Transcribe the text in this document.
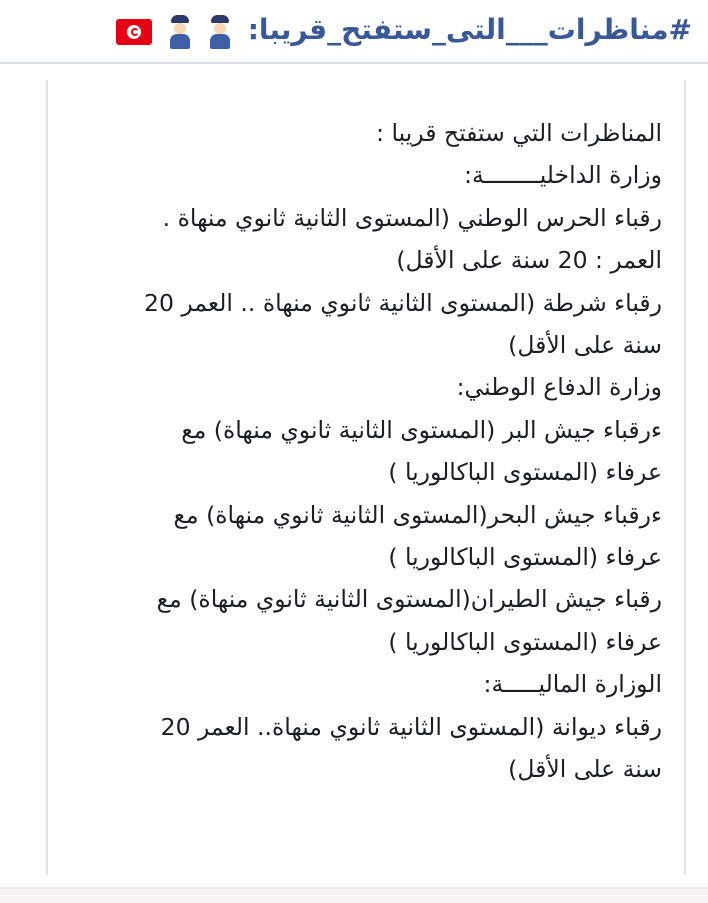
#مناظرات___التى_ستفتح_قريبا:

المناظرات التي ستفتح قريبا :
وزارة الداخليــــــــة:
رقباء الحرس الوطني (المستوى الثانية ثانوي منهاة .
العمر : 20 سنة على الأقل)
رقباء شرطة (المستوى الثانية ثانوي منهاة .. العمر 20
سنة على الأقل)
وزارة الدفاع الوطني:
ءرقباء جيش البر (المستوى الثانية ثانوي منهاة) مع
عرفاء (المستوى الباكالوريا )
ءرقباء جيش البحر(المستوى الثانية ثانوي منهاة) مع
عرفاء (المستوى الباكالوريا )
رقباء جيش الطيران(المستوى الثانية ثانوي منهاة) مع
عرفاء (المستوى الباكالوريا )
الوزارة الماليـــــة:
رقباء ديوانة (المستوى الثانية ثانوي منهاة.. العمر 20
سنة على الأقل)
